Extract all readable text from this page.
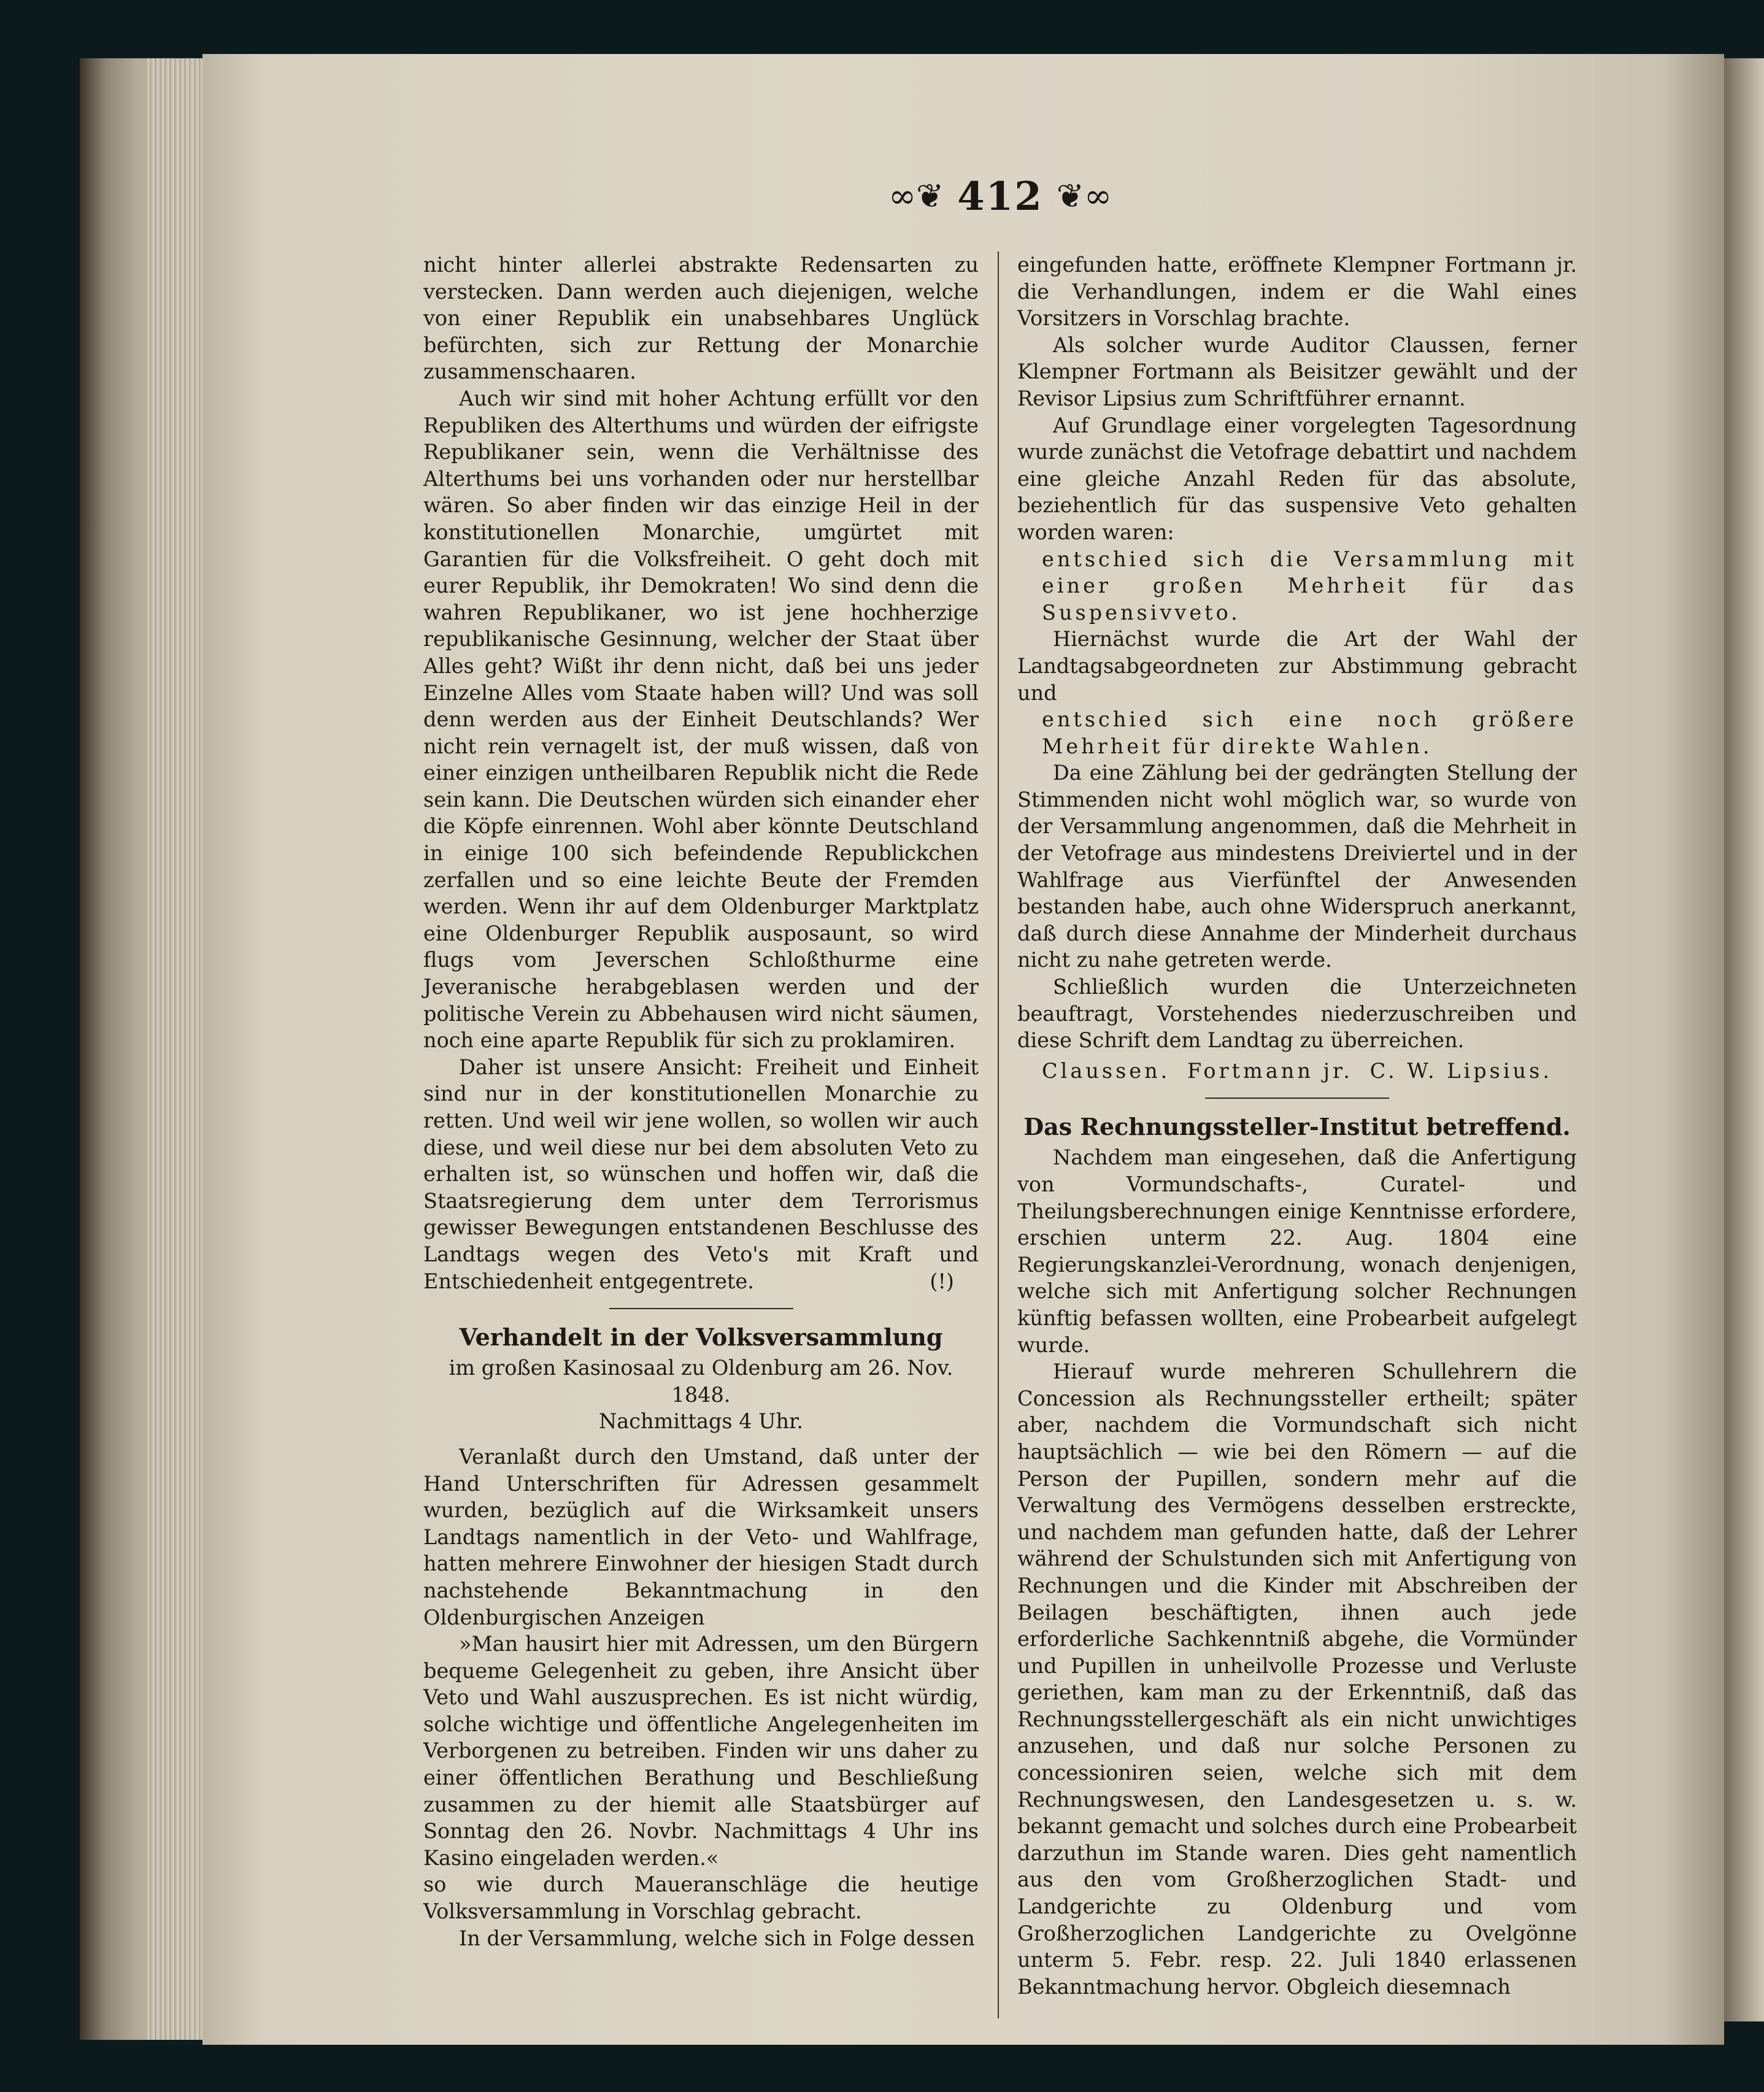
∞❦ 412 ❦∞

nicht hinter allerlei abstrakte Redensarten zu verstecken. Dann werden auch diejenigen, welche von einer Republik ein unabsehbares Unglück befürchten, sich zur Rettung der Monarchie zusammenschaaren.

Auch wir sind mit hoher Achtung erfüllt vor den Republiken des Alterthums und würden der eifrigste Republikaner sein, wenn die Verhältnisse des Alterthums bei uns vorhanden oder nur herstellbar wären. So aber finden wir das einzige Heil in der konstitutionellen Monarchie, umgürtet mit Garantien für die Volksfreiheit. O geht doch mit eurer Republik, ihr Demokraten! Wo sind denn die wahren Republikaner, wo ist jene hochherzige republikanische Gesinnung, welcher der Staat über Alles geht? Wißt ihr denn nicht, daß bei uns jeder Einzelne Alles vom Staate haben will? Und was soll denn werden aus der Einheit Deutschlands? Wer nicht rein vernagelt ist, der muß wissen, daß von einer einzigen untheilbaren Republik nicht die Rede sein kann. Die Deutschen würden sich einander eher die Köpfe einrennen. Wohl aber könnte Deutschland in einige 100 sich befeindende Republickchen zerfallen und so eine leichte Beute der Fremden werden. Wenn ihr auf dem Oldenburger Marktplatz eine Oldenburger Republik ausposaunt, so wird flugs vom Jeverschen Schloßthurme eine Jeveranische herabgeblasen werden und der politische Verein zu Abbehausen wird nicht säumen, noch eine aparte Republik für sich zu proklamiren.

Daher ist unsere Ansicht: Freiheit und Einheit sind nur in der konstitutionellen Monarchie zu retten. Und weil wir jene wollen, so wollen wir auch diese, und weil diese nur bei dem absoluten Veto zu erhalten ist, so wünschen und hoffen wir, daß die Staatsregierung dem unter dem Terrorismus gewisser Bewegungen entstandenen Beschlusse des Landtags wegen des Veto's mit Kraft und Entschiedenheit entgegentrete.	(!)

Verhandelt in der Volksversammlung

im großen Kasinosaal zu Oldenburg am 26. Nov. 1848.

Nachmittags 4 Uhr.

Veranlaßt durch den Umstand, daß unter der Hand Unterschriften für Adressen gesammelt wurden, bezüglich auf die Wirksamkeit unsers Landtags namentlich in der Veto- und Wahlfrage, hatten mehrere Einwohner der hiesigen Stadt durch nachstehende Bekanntmachung in den Oldenburgischen Anzeigen

»Man hausirt hier mit Adressen, um den Bürgern bequeme Gelegenheit zu geben, ihre Ansicht über Veto und Wahl auszusprechen. Es ist nicht würdig, solche wichtige und öffentliche Angelegenheiten im Verborgenen zu betreiben. Finden wir uns daher zu einer öffentlichen Berathung und Beschließung zusammen zu der hiemit alle Staatsbürger auf Sonntag den 26. Novbr. Nachmittags 4 Uhr ins Kasino eingeladen werden.«

so wie durch Maueranschläge die heutige Volksversammlung in Vorschlag gebracht.

In der Versammlung, welche sich in Folge dessen

eingefunden hatte, eröffnete Klempner Fortmann jr. die Verhandlungen, indem er die Wahl eines Vorsitzers in Vorschlag brachte.

Als solcher wurde Auditor Claussen, ferner Klempner Fortmann als Beisitzer gewählt und der Revisor Lipsius zum Schriftführer ernannt.

Auf Grundlage einer vorgelegten Tagesordnung wurde zunächst die Vetofrage debattirt und nachdem eine gleiche Anzahl Reden für das absolute, beziehentlich für das suspensive Veto gehalten worden waren:

entschied sich die Versammlung mit einer großen Mehrheit für das Suspensivveto.

Hiernächst wurde die Art der Wahl der Landtagsabgeordneten zur Abstimmung gebracht und

entschied sich eine noch größere Mehrheit für direkte Wahlen.

Da eine Zählung bei der gedrängten Stellung der Stimmenden nicht wohl möglich war, so wurde von der Versammlung angenommen, daß die Mehrheit in der Vetofrage aus mindestens Dreiviertel und in der Wahlfrage aus Vierfünftel der Anwesenden bestanden habe, auch ohne Widerspruch anerkannt, daß durch diese Annahme der Minderheit durchaus nicht zu nahe getreten werde.

Schließlich wurden die Unterzeichneten beauftragt, Vorstehendes niederzuschreiben und diese Schrift dem Landtag zu überreichen.

Claussen. Fortmann jr. C. W. Lipsius.
Das Rechnungssteller-Institut betreffend.

Nachdem man eingesehen, daß die Anfertigung von Vormundschafts-, Curatel- und Theilungsberechnungen einige Kenntnisse erfordere, erschien unterm 22. Aug. 1804 eine Regierungskanzlei-Verordnung, wonach denjenigen, welche sich mit Anfertigung solcher Rechnungen künftig befassen wollten, eine Probearbeit aufgelegt wurde.

Hierauf wurde mehreren Schullehrern die Concession als Rechnungssteller ertheilt; später aber, nachdem die Vormundschaft sich nicht hauptsächlich — wie bei den Römern — auf die Person der Pupillen, sondern mehr auf die Verwaltung des Vermögens desselben erstreckte, und nachdem man gefunden hatte, daß der Lehrer während der Schulstunden sich mit Anfertigung von Rechnungen und die Kinder mit Abschreiben der Beilagen beschäftigten, ihnen auch jede erforderliche Sachkenntniß abgehe, die Vormünder und Pupillen in unheilvolle Prozesse und Verluste geriethen, kam man zu der Erkenntniß, daß das Rechnungsstellergeschäft als ein nicht unwichtiges anzusehen, und daß nur solche Personen zu concessioniren seien, welche sich mit dem Rechnungswesen, den Landesgesetzen u. s. w. bekannt gemacht und solches durch eine Probearbeit darzuthun im Stande waren. Dies geht namentlich aus den vom Großherzoglichen Stadt- und Landgerichte zu Oldenburg und vom Großherzoglichen Landgerichte zu Ovelgönne unterm 5. Febr. resp. 22. Juli 1840 erlassenen Bekanntmachung hervor. Obgleich diesemnach
